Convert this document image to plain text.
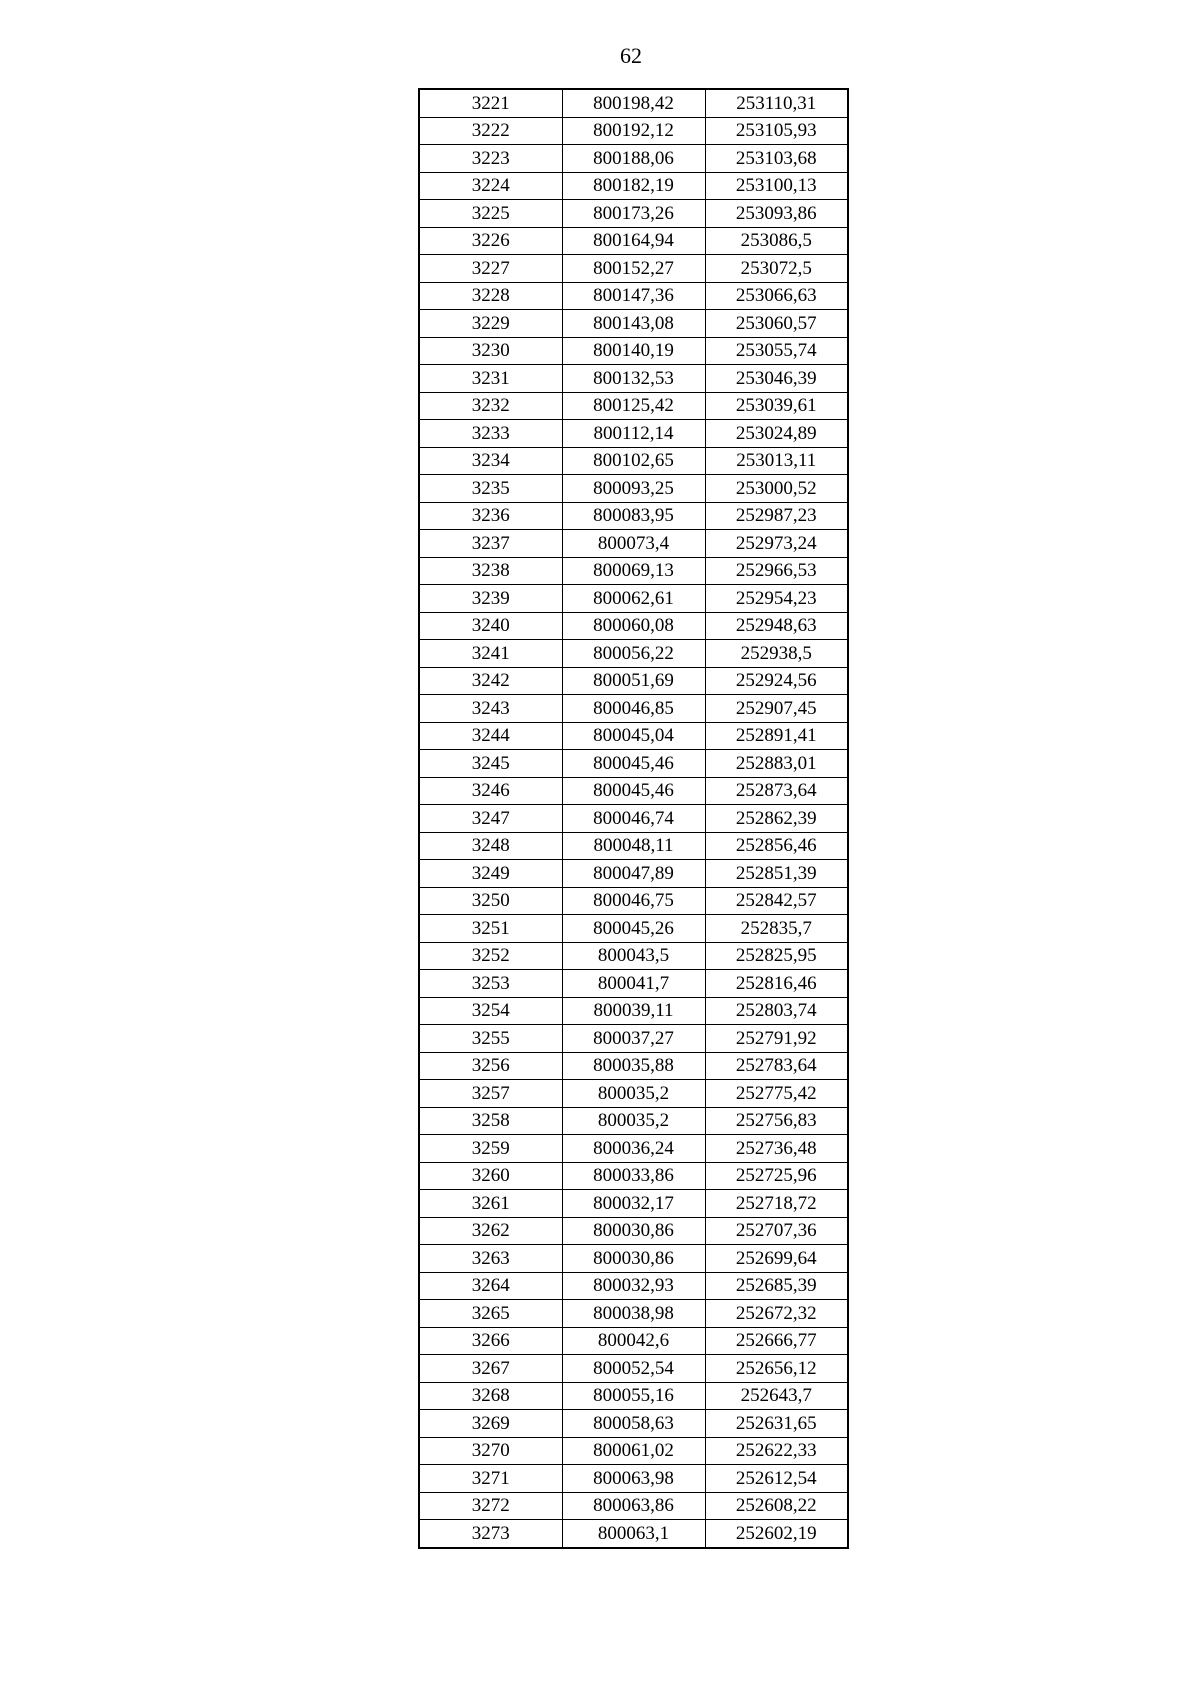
62
3221	800198,42	253110,31
3222	800192,12	253105,93
3223	800188,06	253103,68
3224	800182,19	253100,13
3225	800173,26	253093,86
3226	800164,94	253086,5
3227	800152,27	253072,5
3228	800147,36	253066,63
3229	800143,08	253060,57
3230	800140,19	253055,74
3231	800132,53	253046,39
3232	800125,42	253039,61
3233	800112,14	253024,89
3234	800102,65	253013,11
3235	800093,25	253000,52
3236	800083,95	252987,23
3237	800073,4	252973,24
3238	800069,13	252966,53
3239	800062,61	252954,23
3240	800060,08	252948,63
3241	800056,22	252938,5
3242	800051,69	252924,56
3243	800046,85	252907,45
3244	800045,04	252891,41
3245	800045,46	252883,01
3246	800045,46	252873,64
3247	800046,74	252862,39
3248	800048,11	252856,46
3249	800047,89	252851,39
3250	800046,75	252842,57
3251	800045,26	252835,7
3252	800043,5	252825,95
3253	800041,7	252816,46
3254	800039,11	252803,74
3255	800037,27	252791,92
3256	800035,88	252783,64
3257	800035,2	252775,42
3258	800035,2	252756,83
3259	800036,24	252736,48
3260	800033,86	252725,96
3261	800032,17	252718,72
3262	800030,86	252707,36
3263	800030,86	252699,64
3264	800032,93	252685,39
3265	800038,98	252672,32
3266	800042,6	252666,77
3267	800052,54	252656,12
3268	800055,16	252643,7
3269	800058,63	252631,65
3270	800061,02	252622,33
3271	800063,98	252612,54
3272	800063,86	252608,22
3273	800063,1	252602,19
